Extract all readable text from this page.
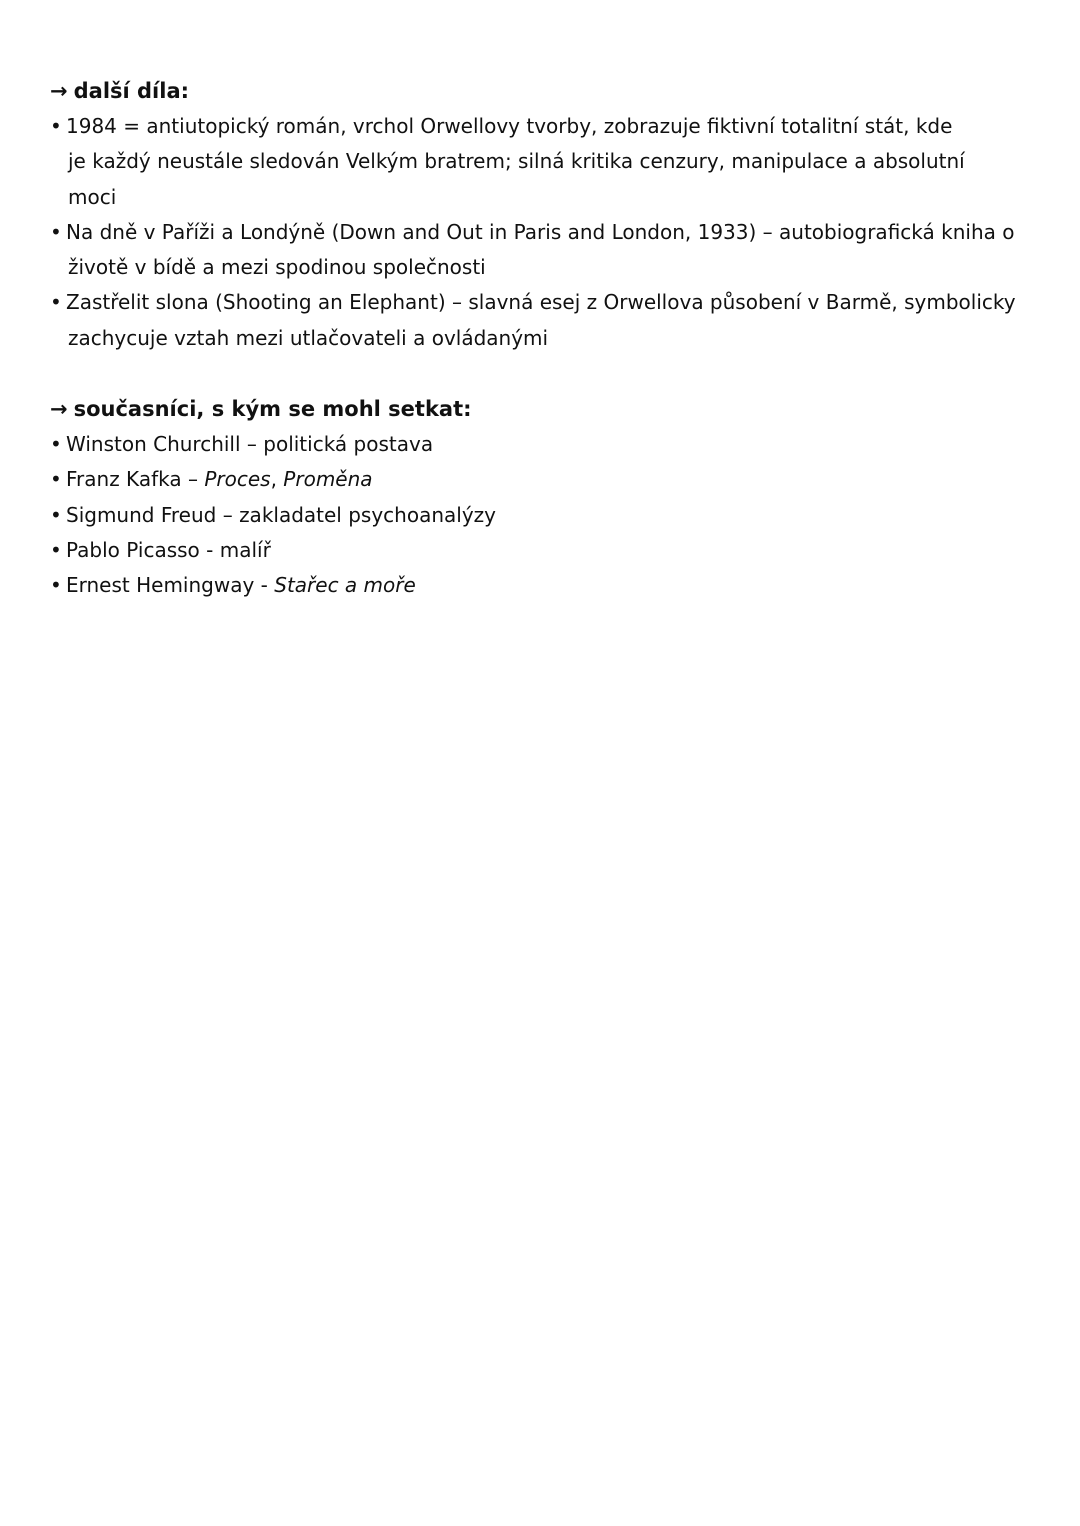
→ další díla:
• 1984 = antiutopický román, vrchol Orwellovy tvorby, zobrazuje fiktivní totalitní stát, kde
je každý neustále sledován Velkým bratrem; silná kritika cenzury, manipulace a absolutní
moci
• Na dně v Paříži a Londýně (Down and Out in Paris and London, 1933) – autobiografická kniha o
životě v bídě a mezi spodinou společnosti
• Zastřelit slona (Shooting an Elephant) – slavná esej z Orwellova působení v Barmě, symbolicky
zachycuje vztah mezi utlačovateli a ovládanými
→ současníci, s kým se mohl setkat:
• Winston Churchill – politická postava
• Franz Kafka – Proces, Proměna
• Sigmund Freud – zakladatel psychoanalýzy
• Pablo Picasso - malíř
• Ernest Hemingway - Stařec a moře
